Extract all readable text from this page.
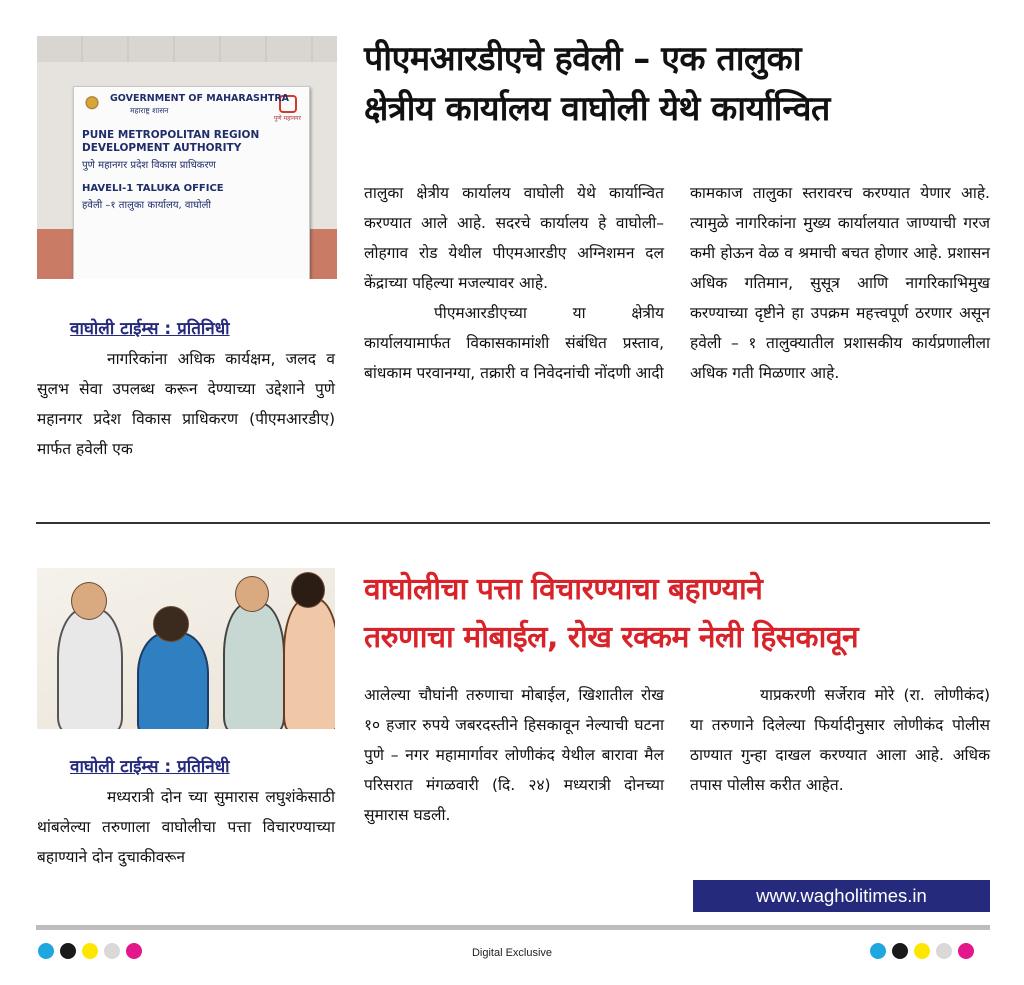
GOVERNMENT OF MAHARASHTRA
महाराष्ट्र शासन
पुणे महानगर
PUNE METROPOLITAN REGION DEVELOPMENT AUTHORITY
पुणे महानगर प्रदेश विकास प्राधिकरण
HAVELI-1 TALUKA OFFICE
हवेली –१ तालुका कार्यालय, वाघोली
पीएमआरडीएचे हवेली – एक तालुका
क्षेत्रीय कार्यालय वाघोली येथे कार्यान्वित
वाघोली टाईम्स : प्रतिनिधी

नागरिकांना अधिक कार्यक्षम, जलद व सुलभ सेवा उपलब्ध करून देण्याच्या उद्देशाने पुणे महानगर प्रदेश विकास प्राधिकरण (पीएमआरडीए) मार्फत हवेली एक

तालुका क्षेत्रीय कार्यालय वाघोली येथे कार्यान्वित करण्यात आले आहे. सदरचे कार्यालय हे वाघोली–लोहगाव रोड येथील पीएमआरडीए अग्निशमन दल केंद्राच्या पहिल्या मजल्यावर आहे.

पीएमआरडीएच्या या क्षेत्रीय कार्यालयामार्फत विकासकामांशी संबंधित प्रस्ताव, बांधकाम परवानग्या, तक्रारी व निवेदनांची नोंदणी आदी

कामकाज तालुका स्तरावरच करण्यात येणार आहे. त्यामुळे नागरिकांना मुख्य कार्यालयात जाण्याची गरज कमी होऊन वेळ व श्रमाची बचत होणार आहे. प्रशासन अधिक गतिमान, सुसूत्र आणि नागरिकाभिमुख करण्याच्या दृष्टीने हा उपक्रम महत्त्वपूर्ण ठरणार असून हवेली – १ तालुक्यातील प्रशासकीय कार्यप्रणालीला अधिक गती मिळणार आहे.

वाघोलीचा पत्ता विचारण्याचा बहाण्याने
तरुणाचा मोबाईल, रोख रक्कम नेली हिसकावून
वाघोली टाईम्स : प्रतिनिधी

मध्यरात्री दोन च्या सुमारास लघुशंकेसाठी थांबलेल्या तरुणाला वाघोलीचा पत्ता विचारण्याच्या बहाण्याने दोन दुचाकीवरून

आलेल्या चौघांनी तरुणाचा मोबाईल, खिशातील रोख १० हजार रुपये जबरदस्तीने हिसकावून नेल्याची घटना पुणे – नगर महामार्गावर लोणीकंद येथील बारावा मैल परिसरात मंगळवारी (दि. २४) मध्यरात्री दोनच्या सुमारास घडली.

याप्रकरणी सर्जेराव मोरे (रा. लोणीकंद) या तरुणाने दिलेल्या फिर्यादीनुसार लोणीकंद पोलीस ठाण्यात गुन्हा दाखल करण्यात आला आहे. अधिक तपास पोलीस करीत आहेत.

www.wagholitimes.in
Digital Exclusive
